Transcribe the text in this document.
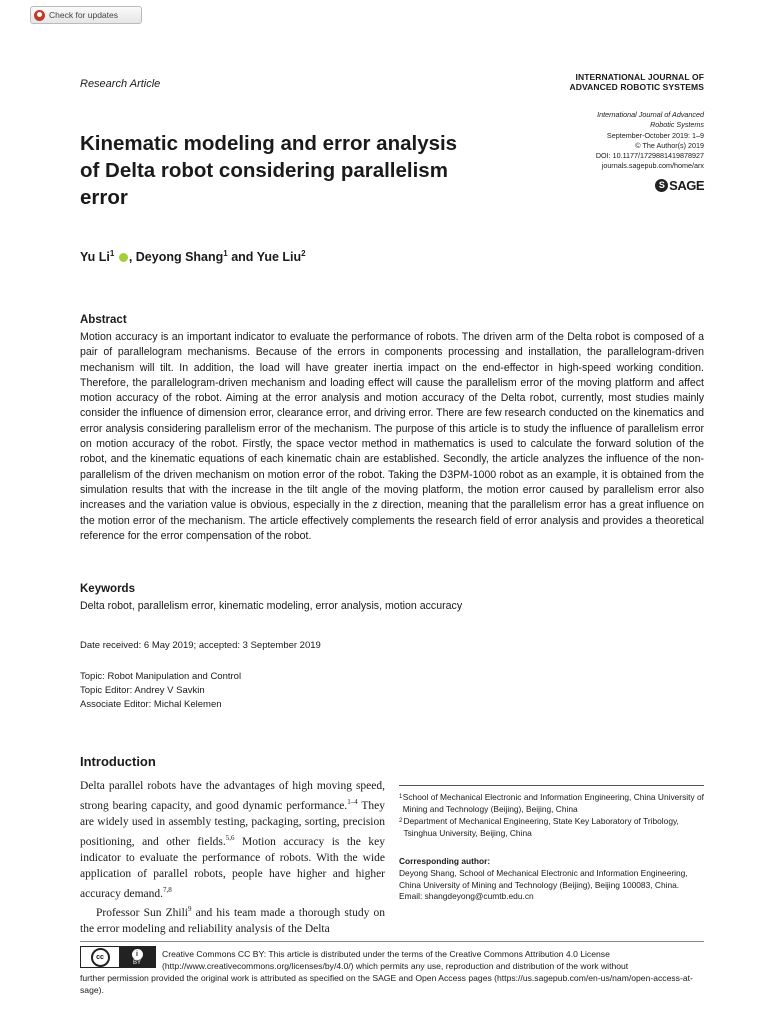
Check for updates
Research Article
INTERNATIONAL JOURNAL OF
ADVANCED ROBOTIC SYSTEMS
International Journal of Advanced
Robotic Systems
September-October 2019: 1–9
© The Author(s) 2019
DOI: 10.1177/1729881419878927
journals.sagepub.com/home/arx
S SAGE
Kinematic modeling and error analysis of Delta robot considering parallelism error
Yu Li$^1$ , Deyong Shang$^1$ and Yue Liu$^2$
Abstract
Motion accuracy is an important indicator to evaluate the performance of robots. The driven arm of the Delta robot is composed of a pair of parallelogram mechanisms. Because of the errors in components processing and installation, the parallelogram-driven mechanism will tilt. In addition, the load will have greater inertia impact on the end-effector in high-speed working condition. Therefore, the parallelogram-driven mechanism and loading effect will cause the parallelism error of the moving platform and affect motion accuracy of the robot. Aiming at the error analysis and motion accuracy of the Delta robot, currently, most studies mainly consider the influence of dimension error, clearance error, and driving error. There are few research conducted on the kinematics and error analysis considering parallelism error of the mechanism. The purpose of this article is to study the influence of parallelism error on motion accuracy of the robot. Firstly, the space vector method in mathematics is used to calculate the forward solution of the robot, and the kinematic equations of each kinematic chain are established. Secondly, the article analyzes the influence of the non-parallelism of the driven mechanism on motion error of the robot. Taking the D3PM-1000 robot as an example, it is obtained from the simulation results that with the increase in the tilt angle of the moving platform, the motion error caused by parallelism error also increases and the variation value is obvious, especially in the z direction, meaning that the parallelism error has a great influence on the motion error of the mechanism. The article effectively complements the research field of error analysis and provides a theoretical reference for the error compensation of the robot.
Keywords
Delta robot, parallelism error, kinematic modeling, error analysis, motion accuracy
Date received: 6 May 2019; accepted: 3 September 2019
Topic: Robot Manipulation and Control
Topic Editor: Andrey V Savkin
Associate Editor: Michal Kelemen
Introduction
Delta parallel robots have the advantages of high moving speed, strong bearing capacity, and good dynamic performance.$^{1-4}$ They are widely used in assembly testing, packaging, sorting, precision positioning, and other fields.$^{5,6}$ Motion accuracy is the key indicator to evaluate the performance of robots. With the wide application of parallel robots, people have higher and higher accuracy demand.$^{7,8}$
Professor Sun Zhili$^9$ and his team made a thorough study on the error modeling and reliability analysis of the Delta
1 School of Mechanical Electronic and Information Engineering, China University of Mining and Technology (Beijing), Beijing, China
2 Department of Mechanical Engineering, State Key Laboratory of Tribology, Tsinghua University, Beijing, China
Corresponding author:
Deyong Shang, School of Mechanical Electronic and Information Engineering, China University of Mining and Technology (Beijing), Beijing 100083, China.
Email: shangdeyong@cumtb.edu.cn
cc	i
BY
Creative Commons CC BY: This article is distributed under the terms of the Creative Commons Attribution 4.0 License (http://www.creativecommons.org/licenses/by/4.0/) which permits any use, reproduction and distribution of the work without
further permission provided the original work is attributed as specified on the SAGE and Open Access pages (https://us.sagepub.com/en-us/nam/open-access-at-sage).
